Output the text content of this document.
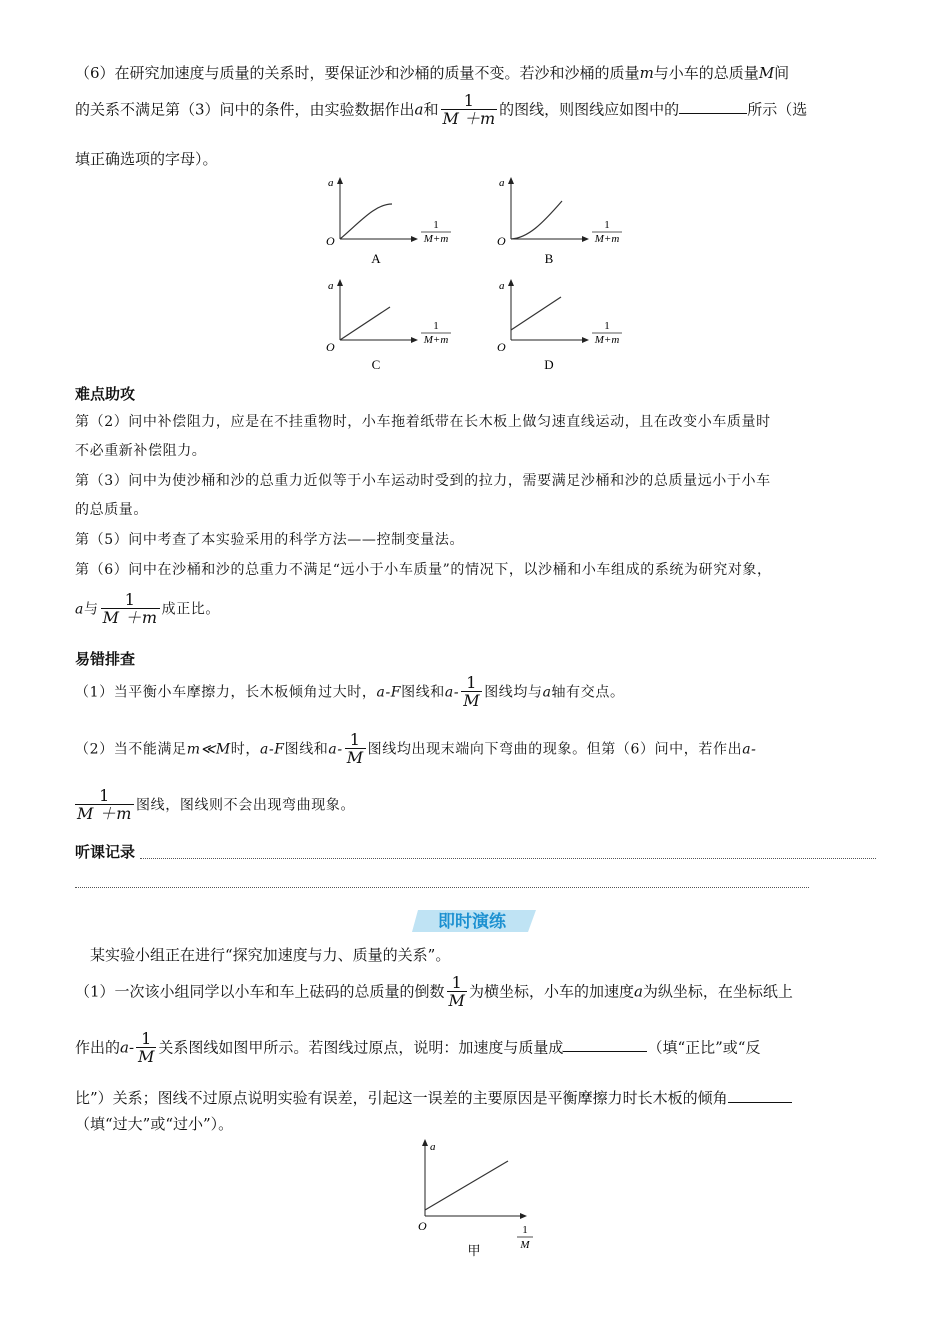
（6）在研究加速度与质量的关系时，要保证沙和沙桶的质量不变。若沙和沙桶的质量m与小车的总质量M间
的关系不满足第（3）问中的条件，由实验数据作出a和 $\frac{1}{M +m}$ 的图线，则图线应如图中的	所示（选
填正确选项的字母）。
a
O
1
M+m
A
a
O
1
M+m
B
a
O
1
M+m
C
a
O
1
M+m
D
难点助攻
第（2）问中补偿阻力，应是在不挂重物时，小车拖着纸带在长木板上做匀速直线运动，且在改变小车质量时
不必重新补偿阻力。
第（3）问中为使沙桶和沙的总重力近似等于小车运动时受到的拉力，需要满足沙桶和沙的总质量远小于小车
的总质量。
第（5）问中考查了本实验采用的科学方法——控制变量法。
第（6）问中在沙桶和沙的总重力不满足“远小于小车质量”的情况下，以沙桶和小车组成的系统为研究对象，
a与 $\frac{1}{M +m}$ 成正比。
易错排查
（1）当平衡小车摩擦力，长木板倾角过大时，a-F图线和$a- \frac{1}{M}$ 图线均与a轴有交点。
（2）当不能满足m≪M时，a-F图线和$a- \frac{1}{M}$ 图线均出现末端向下弯曲的现象。但第（6）问中，若作出a-
$\frac{1}{M +m}$ 图线，图线则不会出现弯曲现象。
听课记录
即时演练
某实验小组正在进行“探究加速度与力、质量的关系”。
（1）一次该小组同学以小车和车上砝码的总质量的倒数 $\frac{1}{M}$ 为横坐标，小车的加速度a为纵坐标，在坐标纸上
作出的$a- \frac{1}{M}$ 关系图线如图甲所示。若图线过原点，说明：加速度与质量成	（填“正比”或“反
比”）关系；图线不过原点说明实验有误差，引起这一误差的主要原因是平衡摩擦力时长木板的倾角
（填“过大”或“过小”）。
a
O	1
M
甲
